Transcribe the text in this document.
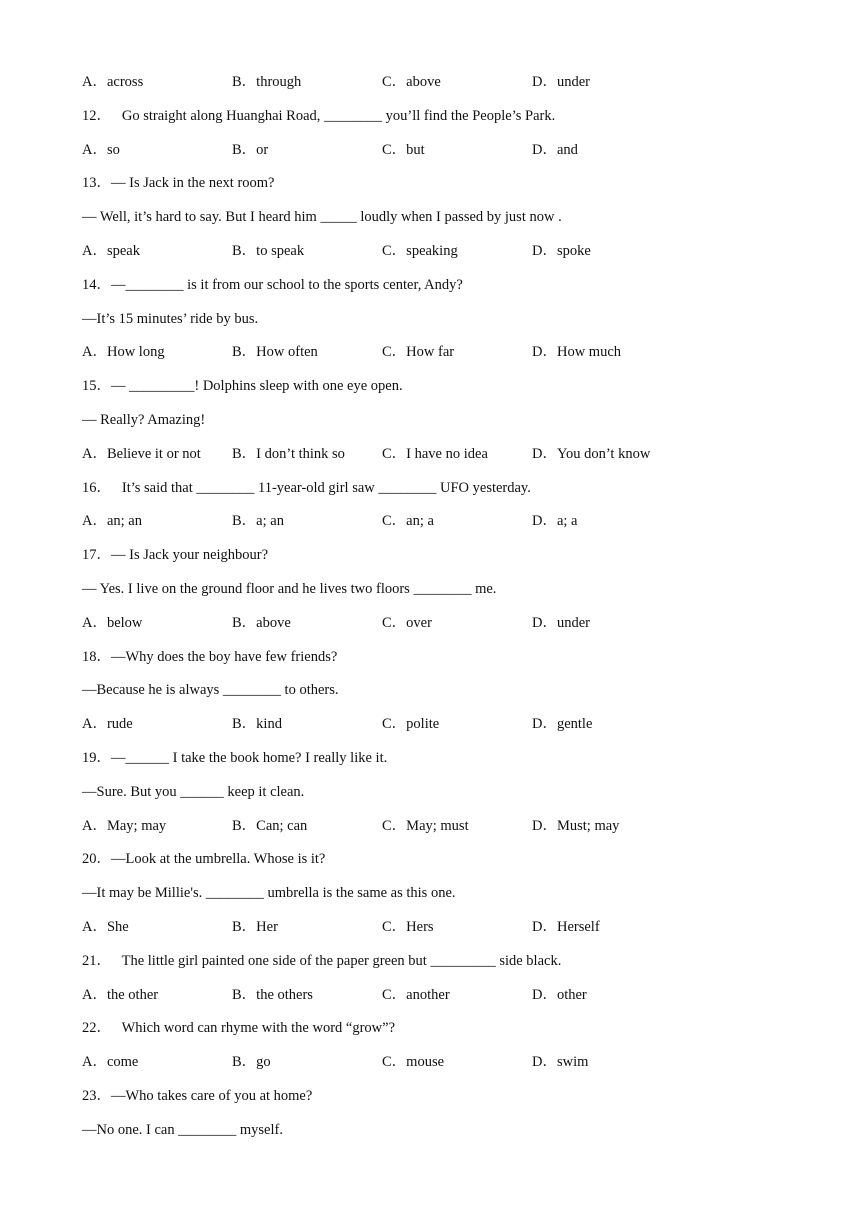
A．across	B．through	C．above	D．under
12．   Go straight along Huanghai Road, ________ you’ll find the People’s Park.
A．so	B．or	C．but	D．and
13．— Is Jack in the next room?
— Well, it’s hard to say. But I heard him _____ loudly when I passed by just now .
A．speak	B．to speak	C．speaking	D．spoke
14．—________ is it from our school to the sports center, Andy?
—It’s 15 minutes’ ride by bus.
A．How long	B．How often	C．How far	D．How much
15．— _________! Dolphins sleep with one eye open.
— Really? Amazing!
A．Believe it or not	B．I don’t think so	C．I have no idea	D．You don’t know
16．   It’s said that ________ 11-year-old girl saw ________ UFO yesterday.
A．an; an	B．a; an	C．an; a	D．a; a
17．— Is Jack your neighbour?
— Yes. I live on the ground floor and he lives two floors ________ me.
A．below	B．above	C．over	D．under
18．—Why does the boy have few friends?
—Because he is always ________ to others.
A．rude	B．kind	C．polite	D．gentle
19．—______ I take the book home? I really like it.
—Sure. But you ______ keep it clean.
A．May; may	B．Can; can	C．May; must	D．Must; may
20．—Look at the umbrella. Whose is it?
—It may be Millie's. ________ umbrella is the same as this one.
A．She	B．Her	C．Hers	D．Herself
21．   The little girl painted one side of the paper green but _________ side black.
A．the other	B．the others	C．another	D．other
22．   Which word can rhyme with the word “grow”?
A．come	B．go	C．mouse	D．swim
23．—Who takes care of you at home?
—No one. I can ________ myself.
